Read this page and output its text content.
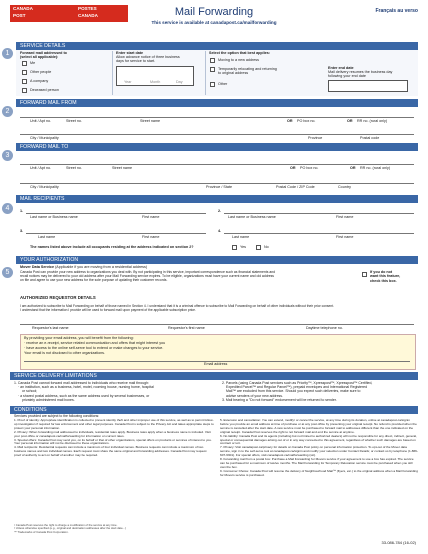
CANADA
POST
POSTES
CANADA	Mail Forwarding
This service is available at canadapost.ca/mailforwarding
Français au verso
1
SERVICE DETAILS
Forward mail addressed to
(select all applicable):
Me
Other people
A company
Deceased person
Enter start date
Allow advance notice of three business
days for service to start.
Year	Month	Day
Select the option that best applies:
Moving to a new address
Temporarily relocating and returning
to original address
Other
Enter end date
Mail delivery resumes the business day
following your end date
2
FORWARD MAIL FROM
Unit / Apt no.	Street no.	Street name	OR PO box no.	OR RR no. (rural only)
City / Municipality	Province	Postal code
3
FORWARD MAIL TO
Unit / Apt no.	Street no.	Street name	OR PO box no.	OR RR no. (rural only)
City / Municipality	Province / State	Postal Code / ZIP Code	Country
4
MAIL RECIPIENTS
1.
Last name or Business name	First name
2.
Last name or Business name	First name
3.
Last name	First name
4.
Last name	First name
The names listed above include all occupants residing at the address indicated on section 2?	Yes	No
5
YOUR AUTHORIZATION
Mover Data Service (Applicable if you are moving from a residential address)
Canada Post can provide your new address to organizations you deal with. By not participating in this service, important correspondence such as financial statements and
recall notices may be delivered to your old address after your Mail Forwarding service expires. To be eligible, organizations must have your current name and old address
on file and agree to use your new address for the sole purpose of updating their customer records.
If you do not
want this feature,
check this box.
AUTHORIZED REQUESTOR DETAILS
I am authorized to subscribe to Mail Forwarding on behalf of those named in Section 4. I understand that it is a criminal offence to subscribe to Mail Forwarding on behalf of other individuals without their prior consent.
I understand that the information I provide will be used to forward mail upon payment of the applicable subscription price.
Requestor's last name	Requestor's first name	Daytime telephone no.
By providing your email address, you will benefit from the following:
· receive an e-receipt, service related communication and offers that might interest you
· have access to the online self-serve tool to extend or make changes to your service.
Your email is not disclosed to other organizations.
Email address
SERVICE DELIVERY LIMITATIONS
1. Canada Post cannot forward mail addressed to individuals who receive mail through:
· an institution, such as a business, hotel, motel, rooming house, nursing home, hospital
or school;
· a shared postal address, such as the same address used by several businesses, or
privately administered mail boxes.
2. Parcels (using Canada Post services such as Priority™, Xpresspost™, Xpresspost™ Certified,
Expedited Parcel™ and Regular Parcel™), prepaid envelopes and International Registered
Mail™ are excluded from this service. Should you expect such deliveries, make sure to
advise senders of your new address.
3. Mail bearing a "Do not forward" endorsement will be returned to sender.
CONDITIONS
Services provided are subject to the following conditions:
1. Proof of identity: Appropriate identification is collected to prevent identity theft and other improper use of this service, as well as to permit follow-up investigation if required for law enforcement and other legal purposes. Canada Post is subject to the Privacy Act and takes appropriate steps to protect your personal information.
2. Privacy: When forwarding mail addressed to individuals, residential rates apply. Business rates apply when a business name is included. Visit your post office or canadapost.ca/mailforwarding for information on current rates.
3. Special offers: Canada Post may send you, on its behalf or that of other organizations, special offers on products or services of interest to you. Your personal information will not be disclosed to these organizations.
4. Mail recipients: Residential requests can include a maximum of four individual names. Business requests can include a maximum of two business names and two individual names. Each request must share the same original and forwarding addresses. Canada Post may request proof of authority to act on behalf of another may be required.
5. Extension and cancellation: You can extend, modify¹ or cancel the service, at any time during its duration, online at canadapost.ca/signin before you provide an email address at time of purchase or at any post office by presenting your original receipt. No refund is provided when the service is cancelled after the start date. A new service must be purchased to forward mail to addresses different than the one indicated on the original receipt. Canada Post reserves the right to not forward mail and end the service at anytime.
6. No liability: Canada Post and its agents (including but not limited to authorized dealers) will not be responsible for any direct, indirect, general, special or consequential damages arising out of or in any way connected to this agreement, regardless of whether such damages are based on contract or tort.
7. Privacy: Visit canadapost.ca/privacy for details on Canada Post policy on personal information protection. To opt-out of the Mover data service, sign in to the self-serve tool at canadapost.ca/signin and modify your selection under Contact Details; or contact us by telephone (1-866-607-6301). For special offers, visit canadapost.ca/mailforwarding (sic).
8. Forwarding mail from a postal box: Purchase a Mail Forwarding for Movers service if your agreement to use a box has expired. The service can be purchased for a maximum of twelve months. The Mail Forwarding for Temporary Relocation service must be purchased when you still own the box.
9. Consumer Choice: Canada Post will resume the delivery of Neighbourhood Mail™ (flyers, etc.) to the original address when a Mail Forwarding for Movers service is purchased.
¹ Canada Post reserves the right to charge a modification of the service at any time.
² Unless otherwise specified (e.g., original and destination addresses after the start date...)
™ Trademarks of Canada Post Corporation.
33-086-784 (16-02)
